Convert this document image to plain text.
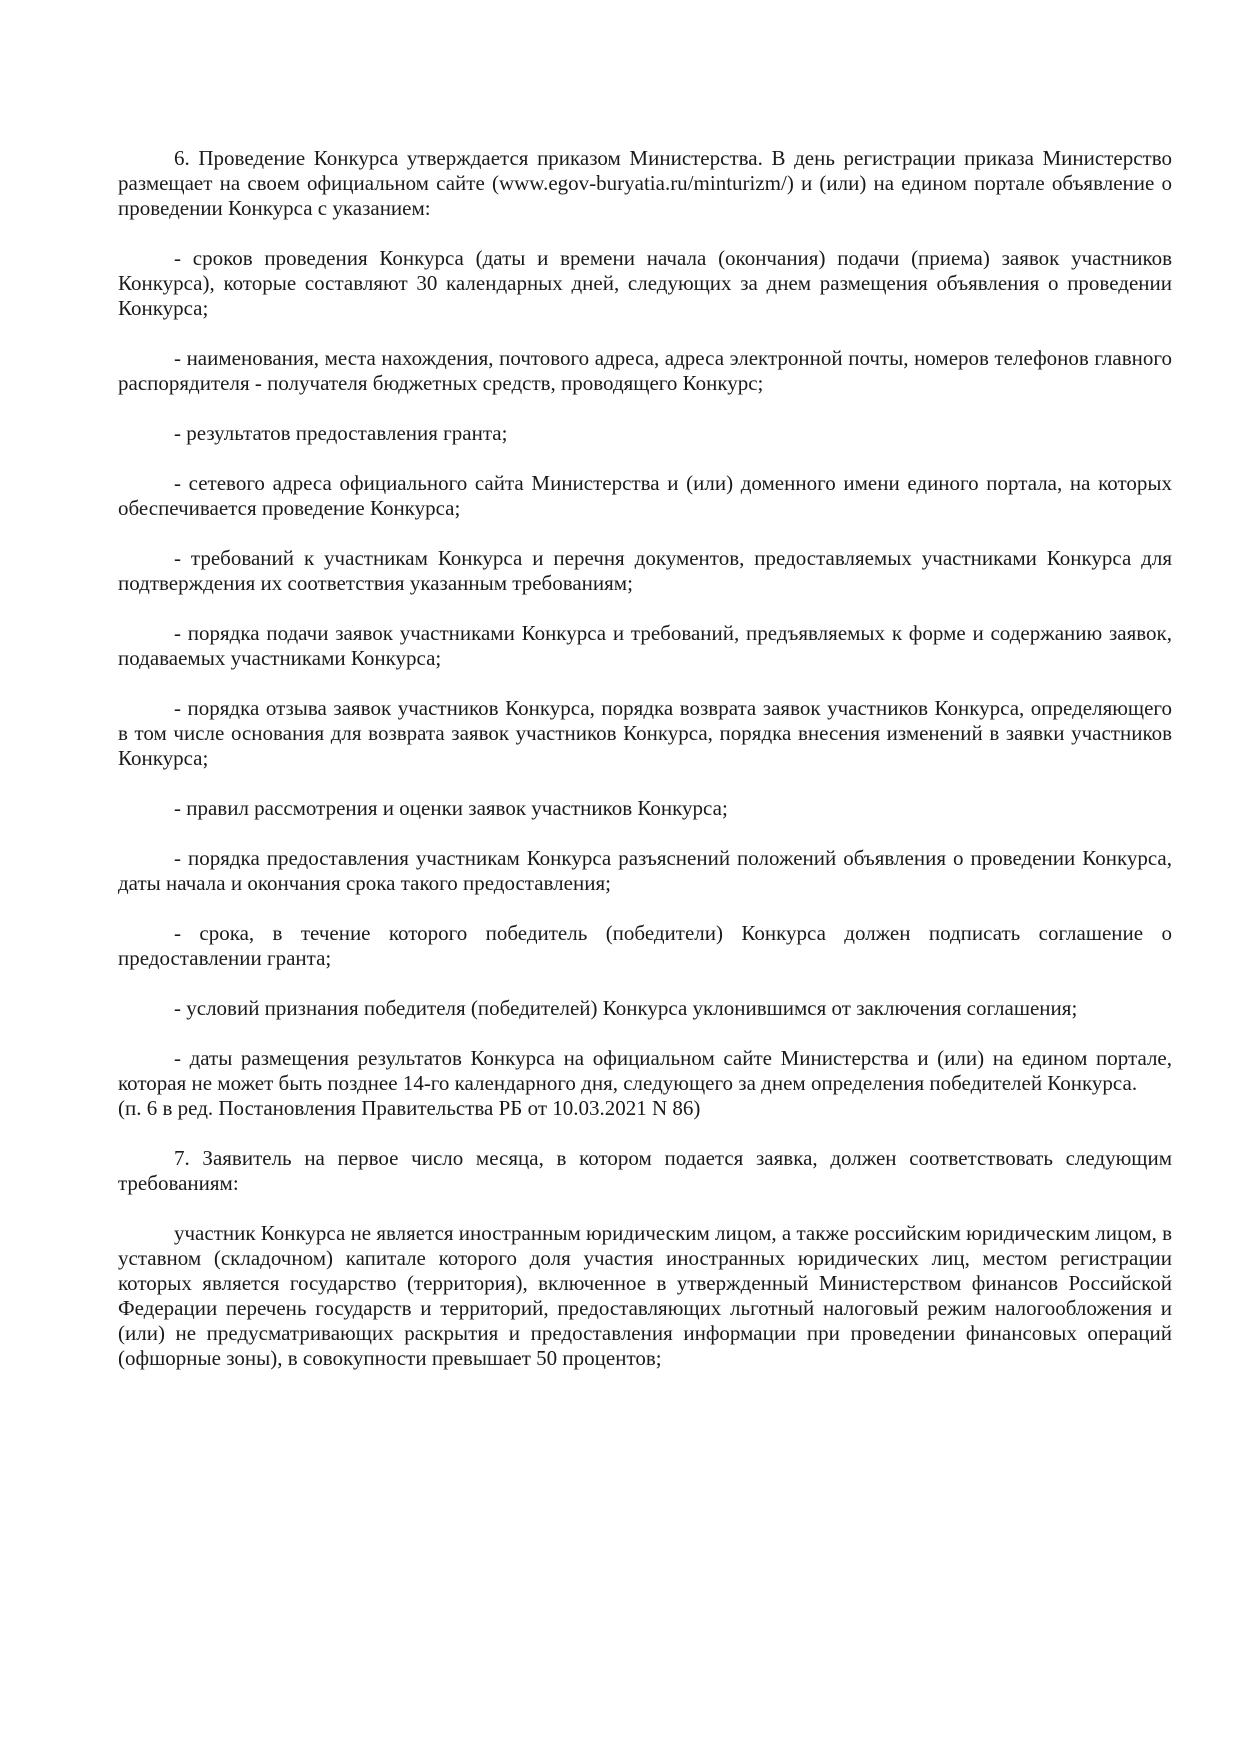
6. Проведение Конкурса утверждается приказом Министерства. В день регистрации приказа Министерство размещает на своем официальном сайте (www.egov-buryatia.ru/minturizm/) и (или) на едином портале объявление о проведении Конкурса с указанием:

- сроков проведения Конкурса (даты и времени начала (окончания) подачи (приема) заявок участников Конкурса), которые составляют 30 календарных дней, следующих за днем размещения объявления о проведении Конкурса;

- наименования, места нахождения, почтового адреса, адреса электронной почты, номеров телефонов главного распорядителя - получателя бюджетных средств, проводящего Конкурс;

- результатов предоставления гранта;

- сетевого адреса официального сайта Министерства и (или) доменного имени единого портала, на которых обеспечивается проведение Конкурса;

- требований к участникам Конкурса и перечня документов, предоставляемых участниками Конкурса для подтверждения их соответствия указанным требованиям;

- порядка подачи заявок участниками Конкурса и требований, предъявляемых к форме и содержанию заявок, подаваемых участниками Конкурса;

- порядка отзыва заявок участников Конкурса, порядка возврата заявок участников Конкурса, определяющего в том числе основания для возврата заявок участников Конкурса, порядка внесения изменений в заявки участников Конкурса;

- правил рассмотрения и оценки заявок участников Конкурса;

- порядка предоставления участникам Конкурса разъяснений положений объявления о проведении Конкурса, даты начала и окончания срока такого предоставления;

- срока, в течение которого победитель (победители) Конкурса должен подписать соглашение о предоставлении гранта;

- условий признания победителя (победителей) Конкурса уклонившимся от заключения соглашения;

- даты размещения результатов Конкурса на официальном сайте Министерства и (или) на едином портале, которая не может быть позднее 14-го календарного дня, следующего за днем определения победителей Конкурса.

(п. 6 в ред. Постановления Правительства РБ от 10.03.2021 N 86)

7. Заявитель на первое число месяца, в котором подается заявка, должен соответствовать следующим требованиям:

участник Конкурса не является иностранным юридическим лицом, а также российским юридическим лицом, в уставном (складочном) капитале которого доля участия иностранных юридических лиц, местом регистрации которых является государство (территория), включенное в утвержденный Министерством финансов Российской Федерации перечень государств и территорий, предоставляющих льготный налоговый режим налогообложения и (или) не предусматривающих раскрытия и предоставления информации при проведении финансовых операций (офшорные зоны), в совокупности превышает 50 процентов;
